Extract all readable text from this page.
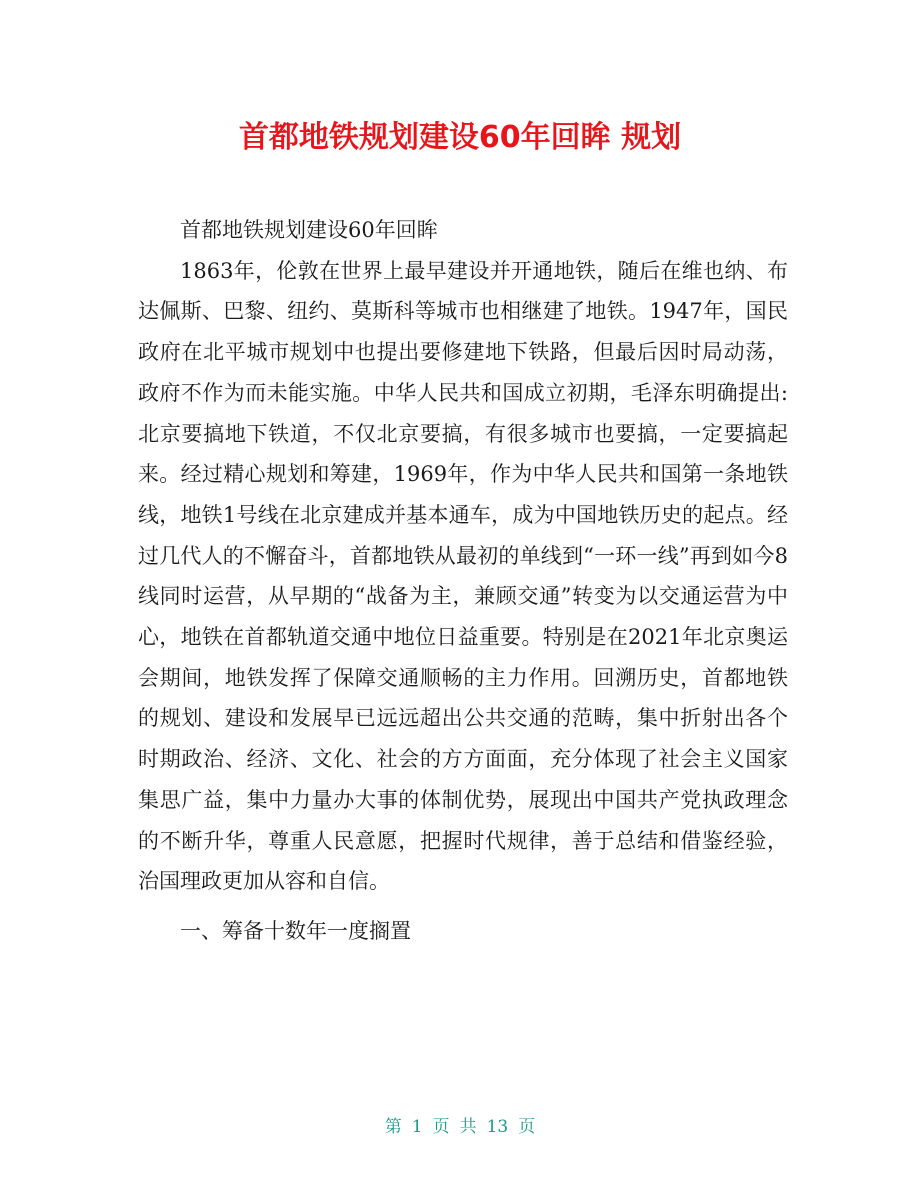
首都地铁规划建设60年回眸 规划

首都地铁规划建设60年回眸

1863年，伦敦在世界上最早建设并开通地铁，随后在维也纳、布达佩斯、巴黎、纽约、莫斯科等城市也相继建了地铁。1947年，国民政府在北平城市规划中也提出要修建地下铁路，但最后因时局动荡，政府不作为而未能实施。中华人民共和国成立初期，毛泽东明确提出:北京要搞地下铁道，不仅北京要搞，有很多城市也要搞，一定要搞起来。经过精心规划和筹建，1969年，作为中华人民共和国第一条地铁线，地铁1号线在北京建成并基本通车，成为中国地铁历史的起点。经过几代人的不懈奋斗，首都地铁从最初的单线到“一环一线”再到如今8线同时运营，从早期的“战备为主，兼顾交通”转变为以交通运营为中心，地铁在首都轨道交通中地位日益重要。特别是在2021年北京奥运会期间，地铁发挥了保障交通顺畅的主力作用。回溯历史，首都地铁的规划、建设和发展早已远远超出公共交通的范畴，集中折射出各个时期政治、经济、文化、社会的方方面面，充分体现了社会主义国家集思广益，集中力量办大事的体制优势，展现出中国共产党执政理念的不断升华，尊重人民意愿，把握时代规律，善于总结和借鉴经验，治国理政更加从容和自信。

一、筹备十数年一度搁置

第 1 页 共 13 页
